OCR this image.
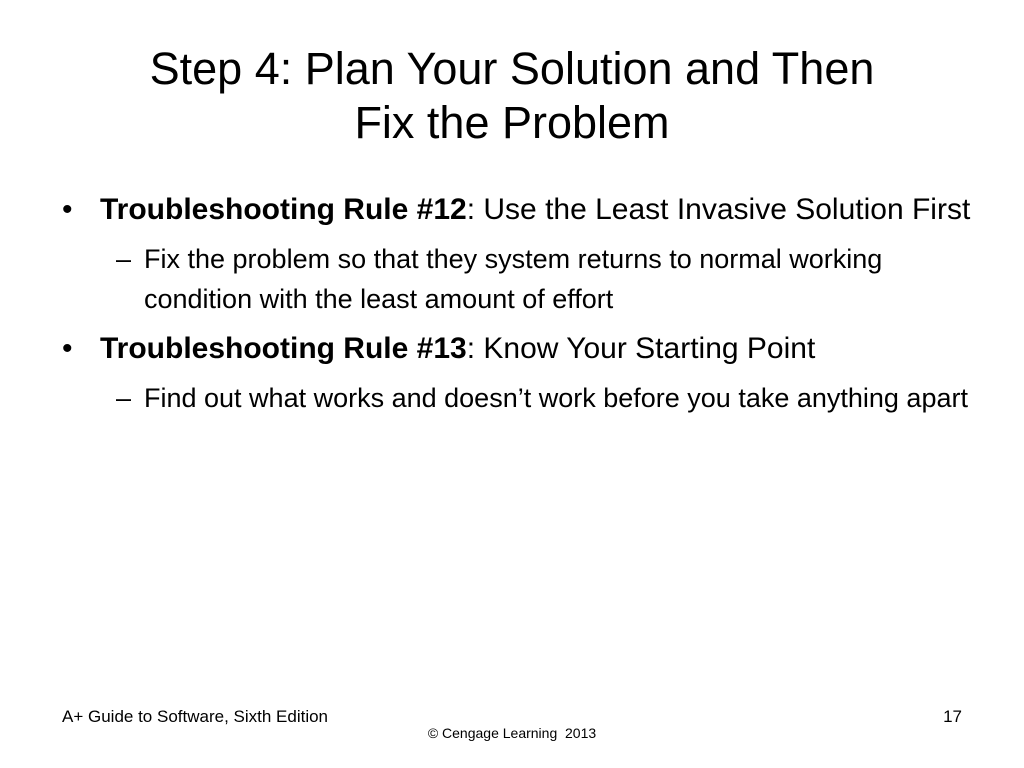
Step 4: Plan Your Solution and Then
Fix the Problem
• Troubleshooting Rule #12: Use the Least Invasive Solution First
– Fix the problem so that they system returns to normal working condition with the least amount of effort
• Troubleshooting Rule #13: Know Your Starting Point
– Find out what works and doesn’t work before you take anything apart
A+ Guide to Software, Sixth Edition	17
© Cengage Learning  2013
